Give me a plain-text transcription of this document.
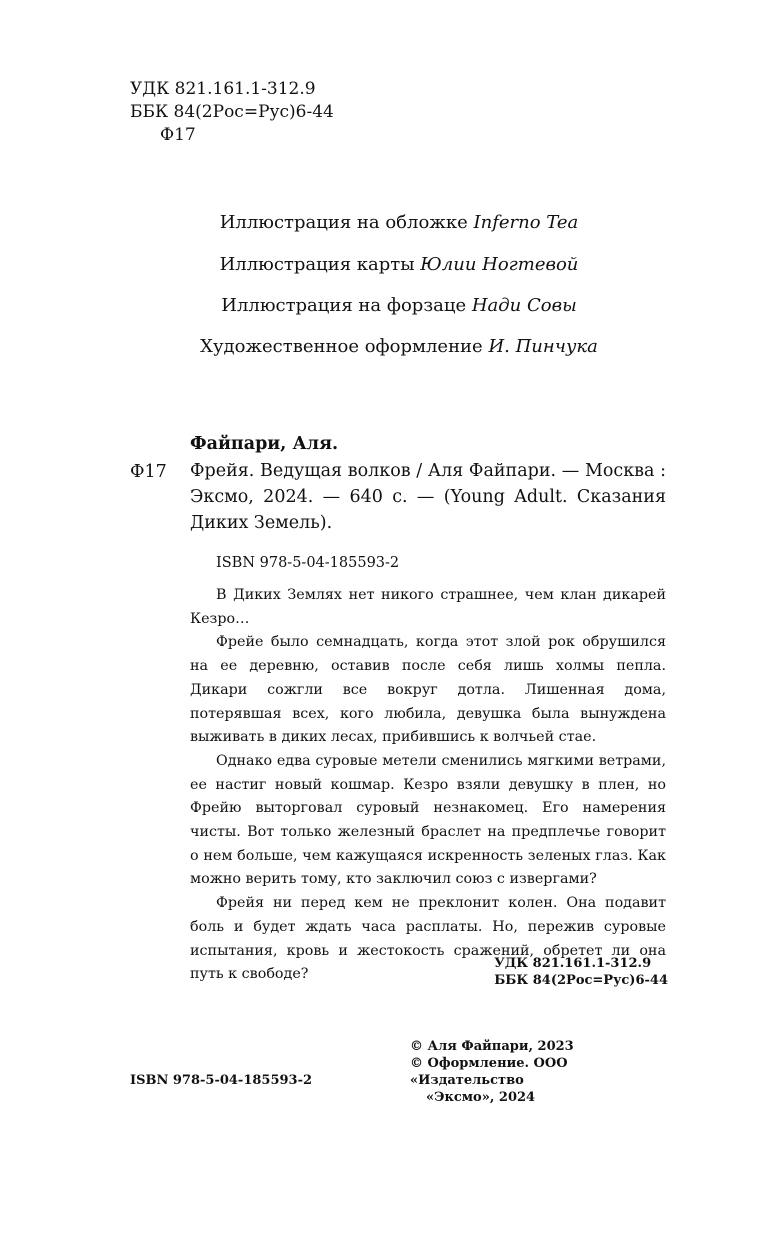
УДК 821.161.1-312.9
ББК 84(2Рос=Рус)6-44
Ф17
Иллюстрация на обложке Inferno Tea
Иллюстрация карты Юлии Ногтевой
Иллюстрация на форзаце Нади Совы
Художественное оформление И. Пинчука
Файпари, Аля.
Ф17 Фрейя. Ведущая волков / Аля Файпари. — Москва : Эксмо, 2024. — 640 с. — (Young Adult. Сказания Диких Земель).
ISBN 978-5-04-185593-2

В Диких Землях нет никого страшнее, чем клан дикарей Кезро…

Фрейе было семнадцать, когда этот злой рок обрушился на ее деревню, оставив после себя лишь холмы пепла. Дикари сожгли все вокруг дотла. Лишенная дома, потерявшая всех, кого любила, девушка была вынуждена выживать в диких лесах, прибившись к волчьей стае.

Однако едва суровые метели сменились мягкими ветрами, ее настиг новый кошмар. Кезро взяли девушку в плен, но Фрейю выторговал суровый незнакомец. Его намерения чисты. Вот только железный браслет на предплечье говорит о нем больше, чем кажущаяся искренность зеленых глаз. Как можно верить тому, кто заключил союз с извергами?

Фрейя ни перед кем не преклонит колен. Она подавит боль и будет ждать часа расплаты. Но, пережив суровые испытания, кровь и жестокость сражений, обретет ли она путь к свободе?

УДК 821.161.1-312.9
ББК 84(2Рос=Рус)6-44
ISBN 978-5-04-185593-2
© Аля Файпари, 2023
© Оформление. ООО «Издательство
«Эксмо», 2024
